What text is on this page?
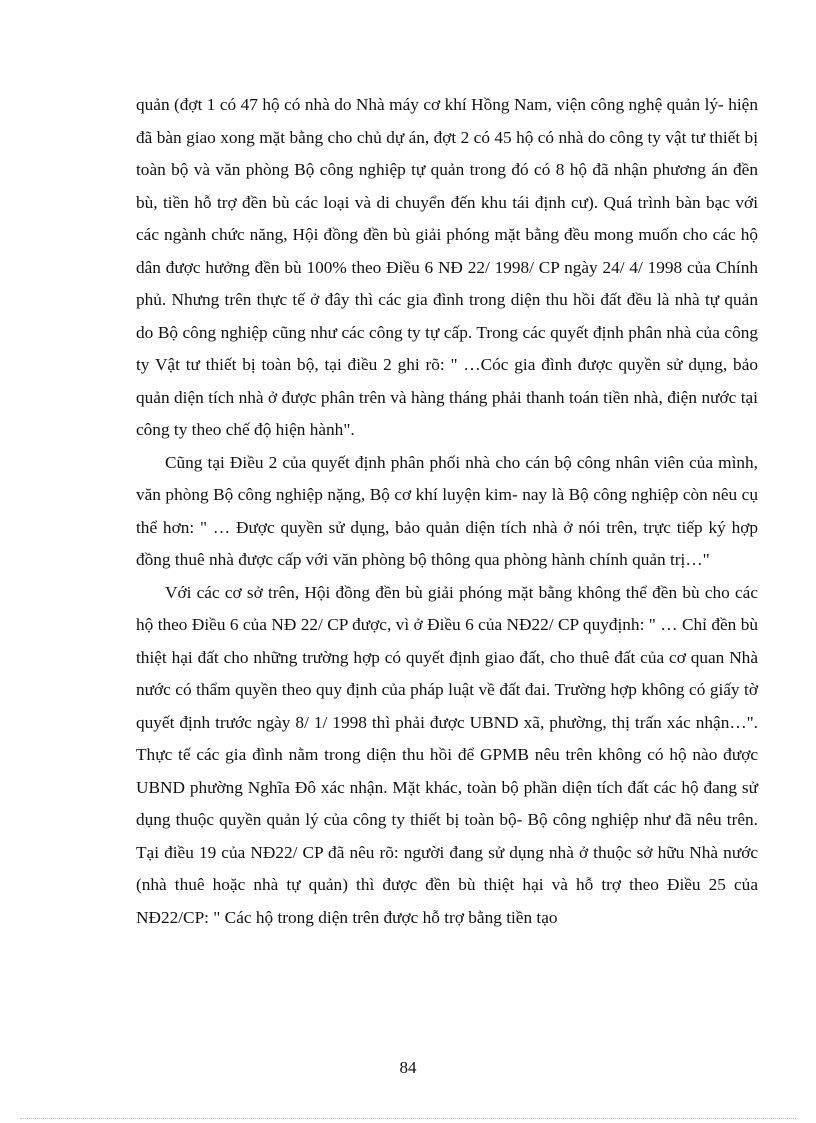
quản (đợt 1 có 47 hộ có nhà do Nhà máy cơ khí Hồng Nam, viện công nghệ quản lý- hiện đã bàn giao xong mặt bằng cho chủ dự án, đợt 2 có 45 hộ có nhà do công ty vật tư thiết bị toàn bộ và văn phòng Bộ công nghiệp tự quản trong đó có 8 hộ đã nhận phương án đền bù, tiền hỗ trợ đền bù các loại và di chuyển đến khu tái định cư). Quá trình bàn bạc với các ngành chức năng, Hội đồng đền bù giải phóng mặt bằng đều mong muốn cho các hộ dân được hưởng đền bù 100% theo Điều 6 NĐ 22/ 1998/ CP ngày 24/ 4/ 1998 của Chính phủ. Nhưng trên thực tế ở đây thì các gia đình trong diện thu hồi đất đều là nhà tự quản do Bộ công nghiệp cũng như các công ty tự cấp. Trong các quyết định phân nhà của công ty Vật tư thiết bị toàn bộ, tại điều 2 ghi rõ: " …Cóc gia đình được quyền sử dụng, bảo quản diện tích nhà ở được phân trên và hàng tháng phải thanh toán tiền nhà, điện nước tại công ty theo chế độ hiện hành".

Cũng tại Điều 2 của quyết định phân phối nhà cho cán bộ công nhân viên của mình, văn phòng Bộ công nghiệp nặng, Bộ cơ khí luyện kim- nay là Bộ công nghiệp còn nêu cụ thể hơn: " … Được quyền sử dụng, bảo quản diện tích nhà ở nói trên, trực tiếp ký hợp đồng thuê nhà được cấp với văn phòng bộ thông qua phòng hành chính quản trị…"

Với các cơ sở trên, Hội đồng đền bù giải phóng mặt bằng không thể đền bù cho các hộ theo Điều 6 của NĐ 22/ CP được, vì ở Điều 6 của NĐ22/ CP quyđịnh: " … Chỉ đền bù thiệt hại đất cho những trường hợp có quyết định giao đất, cho thuê đất của cơ quan Nhà nước có thẩm quyền theo quy định của pháp luật về đất đai. Trường hợp không có giấy tờ quyết định trước ngày 8/ 1/ 1998 thì phải được UBND xã, phường, thị trấn xác nhận…". Thực tế các gia đình nằm trong diện thu hồi để GPMB nêu trên không có hộ nào được UBND phường Nghĩa Đô xác nhận. Mặt khác, toàn bộ phần diện tích đất các hộ đang sử dụng thuộc quyền quản lý của công ty thiết bị toàn bộ- Bộ công nghiệp như đã nêu trên. Tại điều 19 của NĐ22/ CP đã nêu rõ: người đang sử dụng nhà ở thuộc sở hữu Nhà nước (nhà thuê hoặc nhà tự quản) thì được đền bù thiệt hại và hỗ trợ theo Điều 25 của NĐ22/CP: " Các hộ trong diện trên được hỗ trợ bằng tiền tạo

84
